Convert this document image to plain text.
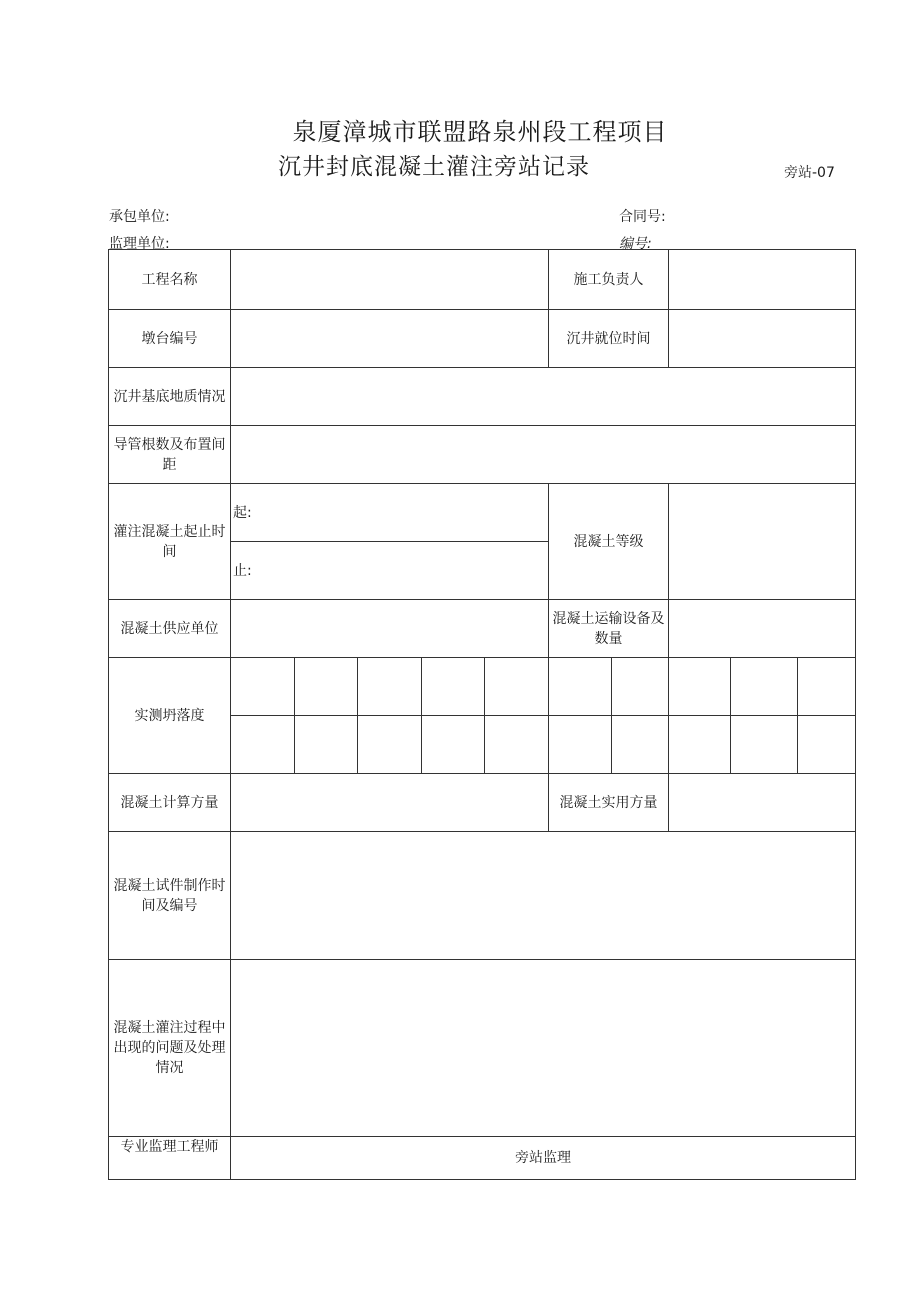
泉厦漳城市联盟路泉州段工程项目
沉井封底混凝土灌注旁站记录	旁站-07
承包单位:	合同号:
监理单位:	编号:
工程名称						施工负责人					
墩台编号						沉井就位时间					
沉井基底地质情况											
导管根数及布置间距											
灌注混凝土起止时间	起:					混凝土等级					
	止:										
混凝土供应单位						混凝土运输设备及数量					
实测坍落度											

混凝土计算方量						混凝土实用方量					
混凝土试件制作时间及编号											
混凝土灌注过程中出现的问题及处理情况											
专业监理工程师	旁站监理										
